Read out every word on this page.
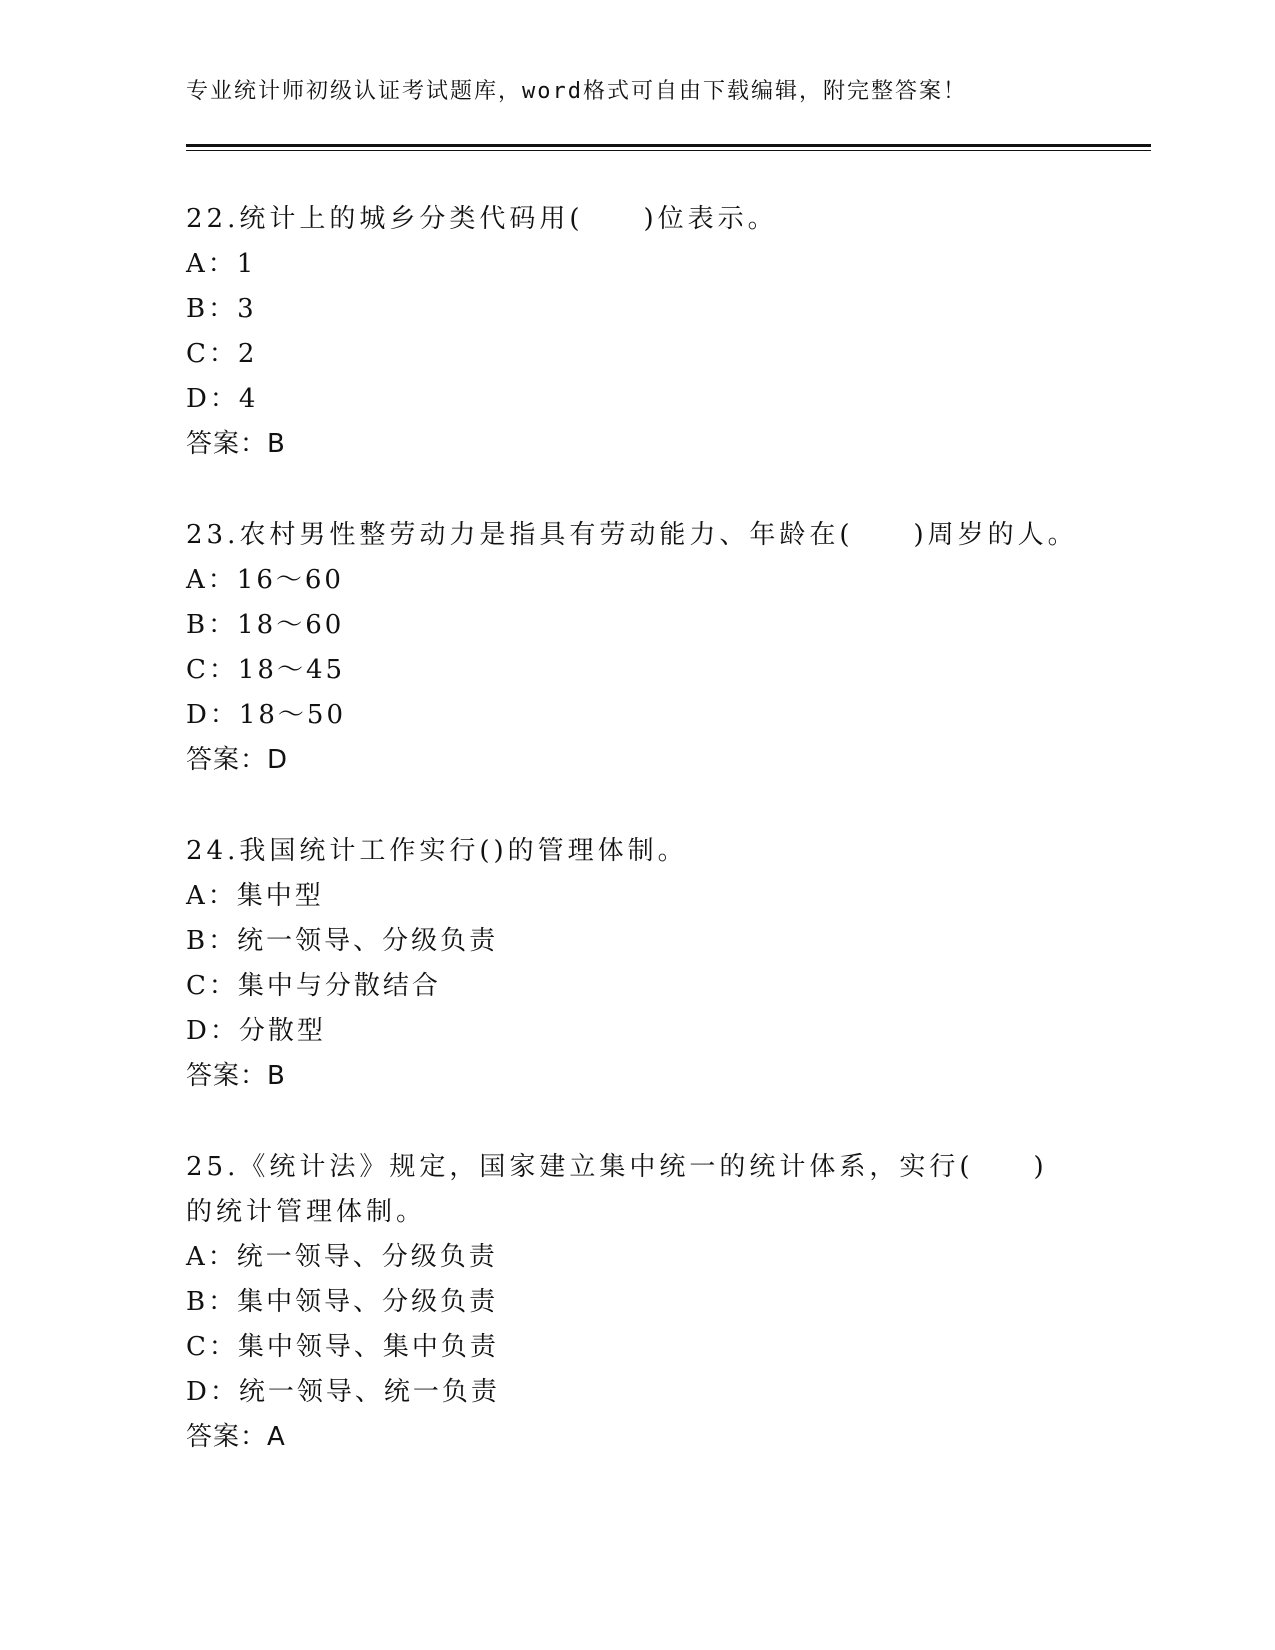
专业统计师初级认证考试题库，word格式可自由下载编辑，附完整答案！

22.统计上的城乡分类代码用(　　)位表示。

A：1

B：3

C：2

D：4

答案：B

23.农村男性整劳动力是指具有劳动能力、年龄在(　　)周岁的人。

A：16～60

B：18～60

C：18～45

D：18～50

答案：D

24.我国统计工作实行()的管理体制。

A：集中型

B：统一领导、分级负责

C：集中与分散结合

D：分散型

答案：B

25.《统计法》规定，国家建立集中统一的统计体系，实行(　　)的统计管理体制。

A：统一领导、分级负责

B：集中领导、分级负责

C：集中领导、集中负责

D：统一领导、统一负责

答案：A
